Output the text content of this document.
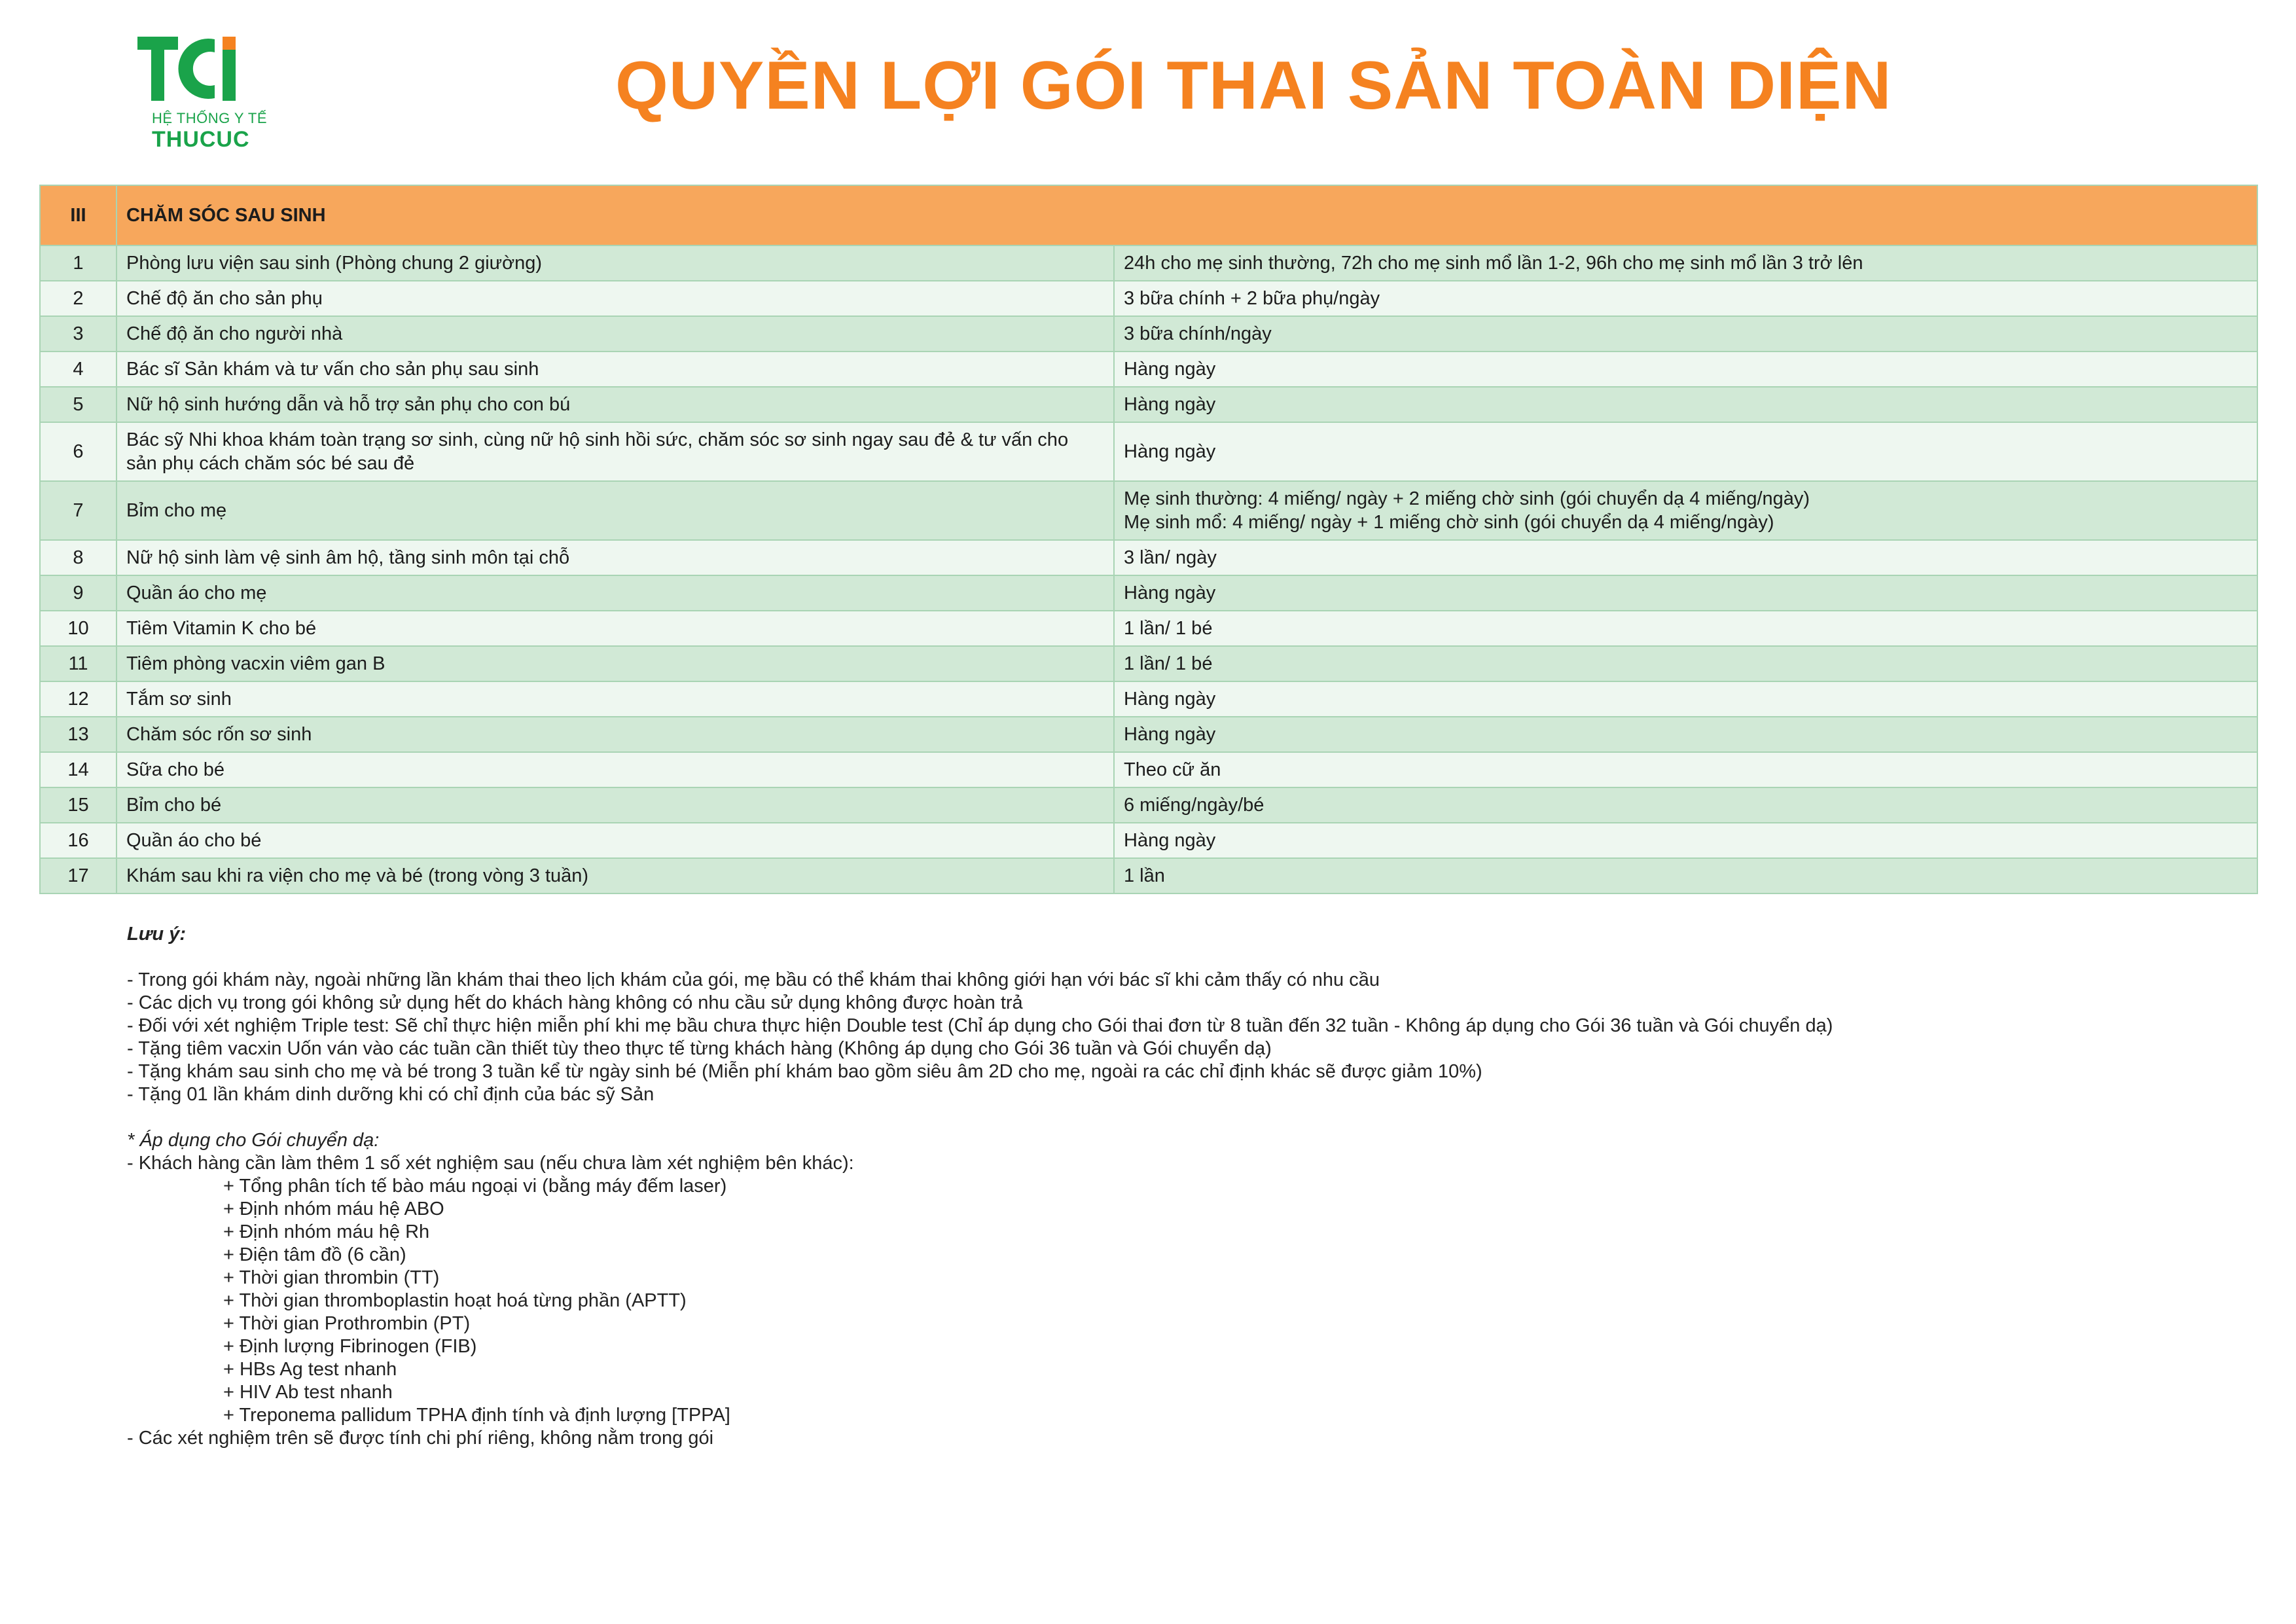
HỆ THỐNG Y TẾ
THUCUC
QUYỀN LỢI GÓI THAI SẢN TOÀN DIỆN
III	CHĂM SÓC SAU SINH	
1	Phòng lưu viện sau sinh (Phòng chung 2 giường)	24h cho mẹ sinh thường, 72h cho mẹ sinh mổ lần 1-2, 96h cho mẹ sinh mổ lần 3 trở lên
2	Chế độ ăn cho sản phụ	3 bữa chính + 2 bữa phụ/ngày
3	Chế độ ăn cho người nhà	3 bữa chính/ngày
4	Bác sĩ Sản khám và tư vấn cho sản phụ sau sinh	Hàng ngày
5	Nữ hộ sinh hướng dẫn và hỗ trợ sản phụ cho con bú	Hàng ngày
6	Bác sỹ Nhi khoa khám toàn trạng sơ sinh, cùng nữ hộ sinh hồi sức, chăm sóc sơ sinh ngay sau đẻ & tư vấn cho
sản phụ cách chăm sóc bé sau đẻ	Hàng ngày
7	Bỉm cho mẹ	Mẹ sinh thường: 4 miếng/ ngày + 2 miếng chờ sinh (gói chuyển dạ 4 miếng/ngày)
Mẹ sinh mổ: 4 miếng/ ngày + 1 miếng chờ sinh (gói chuyển dạ 4 miếng/ngày)

8	Nữ hộ sinh làm vệ sinh âm hộ, tầng sinh môn tại chỗ	3 lần/ ngày
9	Quần áo cho mẹ	Hàng ngày
10	Tiêm Vitamin K cho bé	1 lần/ 1 bé
11	Tiêm phòng vacxin viêm gan B	1 lần/ 1 bé
12	Tắm sơ sinh	Hàng ngày
13	Chăm sóc rốn sơ sinh	Hàng ngày
14	Sữa cho bé	Theo cữ ăn
15	Bỉm cho bé	6 miếng/ngày/bé
16	Quần áo cho bé	Hàng ngày
17	Khám sau khi ra viện cho mẹ và bé (trong vòng 3 tuần)	1 lần
Lưu ý:
- Trong gói khám này, ngoài những lần khám thai theo lịch khám của gói, mẹ bầu có thể khám thai không giới hạn với bác sĩ khi cảm thấy có nhu cầu
- Các dịch vụ trong gói không sử dụng hết do khách hàng không có nhu cầu sử dụng không được hoàn trả
- Đối với xét nghiệm Triple test: Sẽ chỉ thực hiện miễn phí khi mẹ bầu chưa thực hiện Double test (Chỉ áp dụng cho Gói thai đơn từ 8 tuần đến 32 tuần - Không áp dụng cho Gói 36 tuần và Gói chuyển dạ)
- Tặng tiêm vacxin Uốn ván vào các tuần cần thiết tùy theo thực tế từng khách hàng (Không áp dụng cho Gói 36 tuần và Gói chuyển dạ)
- Tặng khám sau sinh cho mẹ và bé trong 3 tuần kể từ ngày sinh bé (Miễn phí khám bao gồm siêu âm 2D cho mẹ, ngoài ra các chỉ định khác sẽ được giảm 10%)
- Tặng 01 lần khám dinh dưỡng khi có chỉ định của bác sỹ Sản
* Áp dụng cho Gói chuyển dạ:
- Khách hàng cần làm thêm 1 số xét nghiệm sau (nếu chưa làm xét nghiệm bên khác):
+ Tổng phân tích tế bào máu ngoại vi (bằng máy đếm laser)
+ Định nhóm máu hệ ABO
+ Định nhóm máu hệ Rh
+ Điện tâm đồ (6 cần)
+ Thời gian thrombin (TT)
+ Thời gian thromboplastin hoạt hoá từng phần (APTT)
+ Thời gian Prothrombin (PT)
+ Định lượng Fibrinogen (FIB)
+ HBs Ag test nhanh
+ HIV Ab test nhanh
+ Treponema pallidum TPHA định tính và định lượng [TPPA]
- Các xét nghiệm trên sẽ được tính chi phí riêng, không nằm trong gói
